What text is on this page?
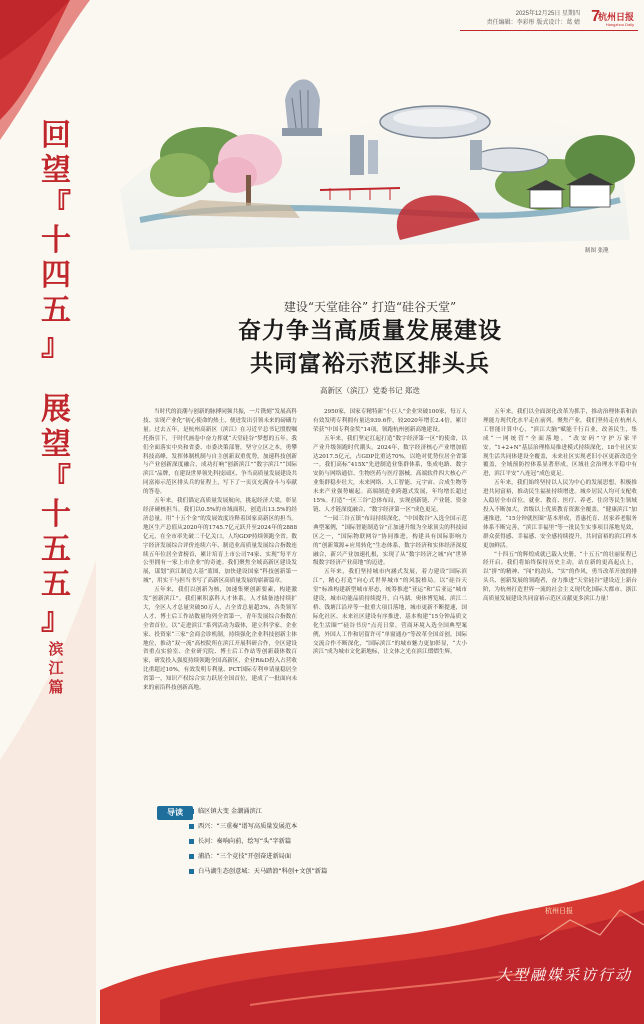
回
望
『
十
四
五
』
展
望
『
十
五
五
』
滨
江
篇
2025年12月25日 星期四
责任编辑：李彩彤 版式设计：葛 婧 7
杭州日报
Hangzhou Daily
制图 张滟
建设“天堂硅谷” 打造“硅谷天堂”
奋力争当高质量发展建设
共同富裕示范区排头兵
高新区（滨江）党委书记 郑迭

当时代的浪潮与创新的脉搏同频共振，一片镌刻“发展高科技、实现产业化”初心使命的热土，便迸发出引领未来的磅礴力量。过去五年，是杭州高新区（滨江）在习近平总书记殷殷嘱托指引下，于时代画卷中奋力挥就“天堂硅谷”梦想的五年。我们全面落实中央和省委、市委决策部署，坚守立区之本，勇攀科技高峰，发挥体制机制与自主创新双重优势，加速科技创新与产业创新深度融合，成功打响“创新滨江”“数字滨江”“国际滨江”品牌，在建设世界领先科技园区、争当高质量发展建设共同富裕示范区排头兵的征程上，写下了一页页充满奋斗与奉献的答卷。

五年来，我们锚定高质量发展航向，挑起经济大梁，彰显经济硬核担当。我们以0.5%的市域面积，创造出13.5%的经济总量。用“十五个金”的发展效度诠释着国家高新区的担当。地区生产总值从2020年的1745.7亿元跃升至2024年的2888亿元，在全市率先破二千亿关口，人均GDP持续领跑全省。数字经济发展综合评价连续六年、制造业高质量发展综合指数连续五年位居全省榜首，累计培育上市公司74家、实现“每平方公里拥有一家上市企业”的奇迹。我们聚焦全域高新区建设发展，谋划“滨江制造大基”蓝图，加快建设国家“科技创新第一城”，用实干与担当书写了高新区高质量发展的崭新篇章。

五年来，我们以创新为核，加速集聚创新要素，构建激发“创新滨江”。我们累积嘉科人才体系，人才储备池持续扩大，全区人才总量突破50万人，占全省总量超3%，各类领军人才、博士后工作站数量均列全省第一，青年发展综合指数在全省首位。以“走进滨江”系列活动为载体，建立科学家、企业家、投资家“三家”会商会诊机制，持续强化企业科技创新主体地位，推动“双一流”高校院所在滨江开展科研合作，全区建设省重点实验室、企业研究院、博士后工作站等创新载体数百家，研发投入强度持续领跑全国高新区，企业R&D投入占营收比重超过10%，有效发明专利量、PCT国际专利申请量稳居全省第一，知识产权综合实力跃居全国首位，建成了一批面向未来的前沿科技创新高地。

2950家，国家专精特新“小巨人”企业突破100家，每万人有效发明专利拥有量达939.6件，较2020年增长2.4倍，累计荣获“中国专利金奖”14项，领跑杭州创新高地建设。

五年来，我们坚定扛起打造“数字经济第一区”的使命，以产业升级领跑时代潮头。2024年，数字经济核心产业增加值达2017.5亿元，占GDP比重达70%，以绝对优势位居全省第一。我们高标“415X”先进制造业集群体系，集成电路、数字安防与网络通信、生物医药与医疗器械、高端软件四大核心产业集群稳步壮大，未来网络、人工智能、元宇宙、合成生物等未来产业强势崛起。高端制造业跨越式发展，年均增长超过15%。打造“一区三谷”总体布局，实现创新链、产业链、资金链、人才链深度融合，“数字经济第一区”成色更足。

“一园三谷五镇”布局持续深化，“中国数谷”入选全国示范典型案例，“国际智能制造谷”正加速升级为全球顶尖的科技园区之一，“国际物联网谷”协同推进，构建具有国际影响力的“创新策源+应用转化”生态体系，数字经济和实体经济深度融合，新兴产业加速扎根，实现了从“数字经济之城”向“世界级数字经济产业高地”的迈进。

五年来，我们坚持城市内涵式发展，着力建设“国际滨江”，精心打造“向心式世界城市”的风貌格局。以“硅谷天堂”标准构建新型城市形态，统筹推进“亚运”和“后亚运”城市建设，城市功能品质持续提升，白马湖、奥体博览城、滨江二桥、钱塘江沿岸等一批重大项目落地，城市更新不断提速，国际化社区、未来社区建设有序推进，基本构建“15分钟品质文化生活圈”“硅谷书房”点亮日常。营商环境入选全国典型案例，外国人工作和居留许可“单窗通办”等改革全国首创，国际交流合作不断深化，“国际滨江”的城市魅力更加彰显，“大小滨江”成为城市文化新地标，让文体之光在滨江熠熠生辉。

五年来，我们以全面深化改革为抓手，推动治理体系和治理能力现代化水平走在前列。聚焦产业，我们坚持走在杭州人工智能计算中心，“滨江大脑”赋能千行百业，改善民生，集成“一网统管”全面落地，“改安码”守护万家平安。“1+2+N”基层治理格局推进模式持续深化，18个社区实现生活共同体建设全覆盖，未来社区实现老旧小区更新改造全覆盖，全域预防控体系显著形成，区域社会治理水平稳中有进，滨江平安“八连冠”成色更足。

五年来，我们始终坚持以人民为中心的发展思想，积极推进共同富裕，推动民生福祉持续增进。城乡居民人均可支配收入稳居全市首位，就业、教育、医疗、养老、住房等民生领域投入不断加大，省级以上优质教育资源全覆盖，“健康滨江”加速推进，“15分钟就医圈”基本形成，普惠托育、居家养老服务体系不断完善，“滨江幸福里”等一批民生实事项目落地见效，群众获得感、幸福感、安全感持续提升，共同富裕的滨江样本更加鲜活。

“十四五”的辉煌成就已载入史册，“十五五”的壮丽征程已经开启。我们将始终保持历史主动，站在新的更高起点上，以“拼”的精神、“闯”的劲头、“实”的作风，勇当改革开放的排头兵、创新发展的领跑者，奋力推进“天堂硅谷”建设迈上新台阶，为杭州打造世界一流的社会主义现代化国际大都市、浙江高质量发展建设共同富裕示范区贡献更多滨江力量！

导读	临区镇大变 金潮涌滨江
西兴：“三重奏”谱写高质量发展范本
长河：奏响向前，绘写“头”字新篇
浦沿：“三个竞技”开创奋进新局面
白马湖生态创意城：天马踏浪“科创+文创”新篇
杭州日报
大型融媒采访行动
